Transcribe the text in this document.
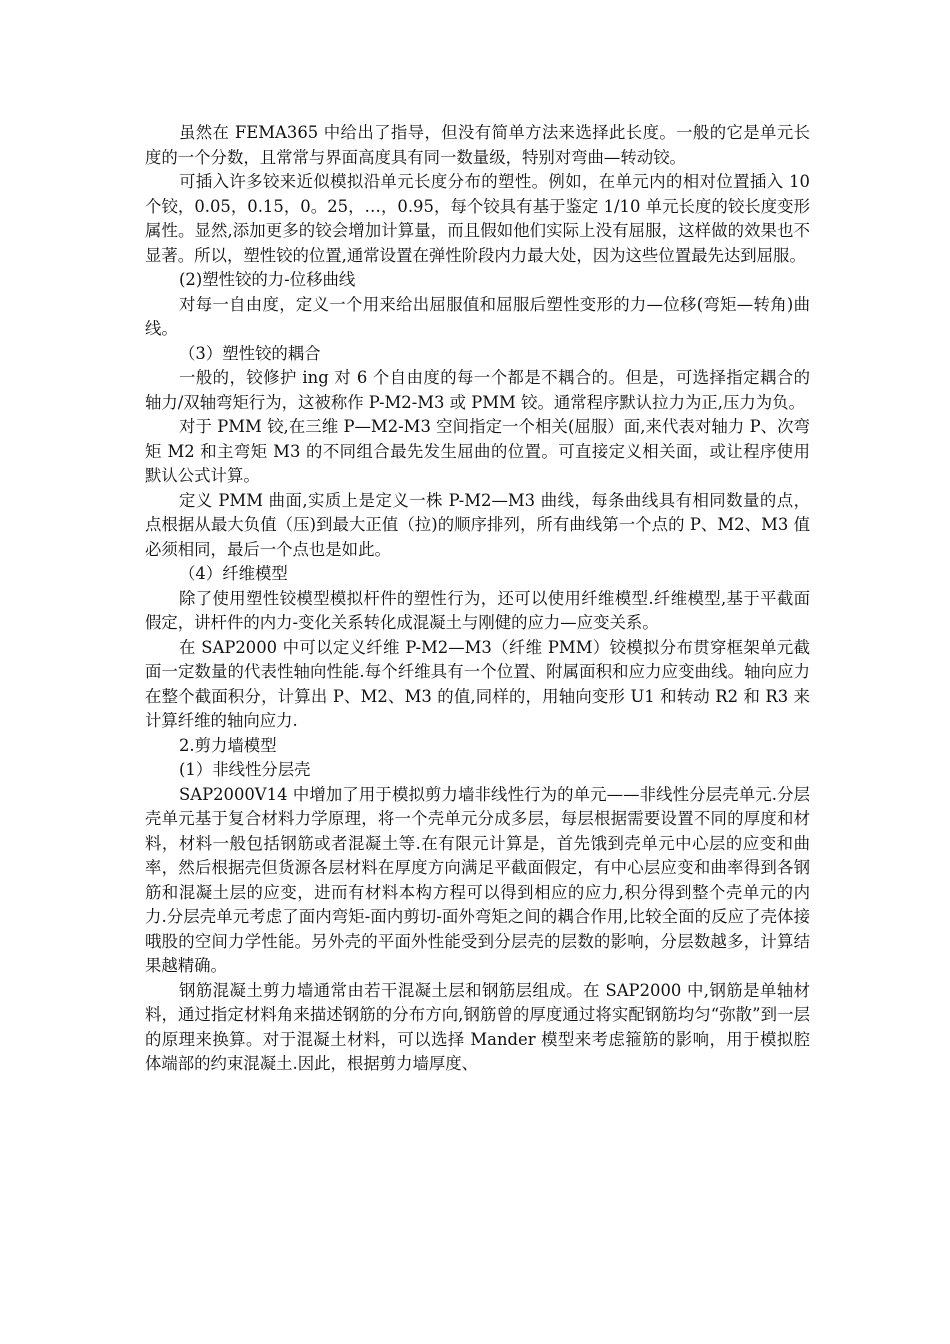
虽然在 FEMA365 中给出了指导，但没有简单方法来选择此长度。一般的它是单元长度的一个分数，且常常与界面高度具有同一数量级，特别对弯曲—转动铰。

可插入许多铰来近似模拟沿单元长度分布的塑性。例如，在单元内的相对位置插入 10 个铰，0.05，0.15，0。25，…，0.95，每个铰具有基于鉴定 1/10 单元长度的铰长度变形属性。显然,添加更多的铰会增加计算量，而且假如他们实际上没有屈服，这样做的效果也不显著。所以，塑性铰的位置,通常设置在弹性阶段内力最大处，因为这些位置最先达到屈服。

(2)塑性铰的力-位移曲线

对每一自由度，定义一个用来给出屈服值和屈服后塑性变形的力—位移(弯矩—转角)曲线。

（3）塑性铰的耦合

一般的，铰修护 ing 对 6 个自由度的每一个都是不耦合的。但是，可选择指定耦合的轴力/双轴弯矩行为，这被称作 P-M2-M3 或 PMM 铰。通常程序默认拉力为正,压力为负。

对于 PMM 铰,在三维 P—M2-M3 空间指定一个相关(屈服）面,来代表对轴力 P、次弯矩 M2 和主弯矩 M3 的不同组合最先发生屈曲的位置。可直接定义相关面，或让程序使用默认公式计算。

定义 PMM 曲面,实质上是定义一株 P-M2—M3 曲线，每条曲线具有相同数量的点，点根据从最大负值（压)到最大正值（拉)的顺序排列，所有曲线第一个点的 P、M2、M3 值必须相同，最后一个点也是如此。

（4）纤维模型

除了使用塑性铰模型模拟杆件的塑性行为，还可以使用纤维模型.纤维模型,基于平截面假定，讲杆件的内力-变化关系转化成混凝土与刚健的应力—应变关系。

在 SAP2000 中可以定义纤维 P-M2—M3（纤维 PMM）铰模拟分布贯穿框架单元截面一定数量的代表性轴向性能.每个纤维具有一个位置、附属面积和应力应变曲线。轴向应力在整个截面积分，计算出 P、M2、M3 的值,同样的，用轴向变形 U1 和转动 R2 和 R3 来计算纤维的轴向应力.

2.剪力墙模型

(1）非线性分层壳

SAP2000V14 中增加了用于模拟剪力墙非线性行为的单元——非线性分层壳单元.分层壳单元基于复合材料力学原理，将一个壳单元分成多层，每层根据需要设置不同的厚度和材料，材料一般包括钢筋或者混凝土等.在有限元计算是，首先饿到壳单元中心层的应变和曲率，然后根据壳但货源各层材料在厚度方向满足平截面假定，有中心层应变和曲率得到各钢筋和混凝土层的应变，进而有材料本构方程可以得到相应的应力,积分得到整个壳单元的内力.分层壳单元考虑了面内弯矩-面内剪切-面外弯矩之间的耦合作用,比较全面的反应了壳体接哦股的空间力学性能。另外壳的平面外性能受到分层壳的层数的影响，分层数越多，计算结果越精确。

钢筋混凝土剪力墙通常由若干混凝土层和钢筋层组成。在 SAP2000 中,钢筋是单轴材料，通过指定材料角来描述钢筋的分布方向,钢筋曾的厚度通过将实配钢筋均匀“弥散”到一层的原理来换算。对于混凝土材料，可以选择 Mander 模型来考虑箍筋的影响，用于模拟腔体端部的约束混凝土.因此，根据剪力墙厚度、
